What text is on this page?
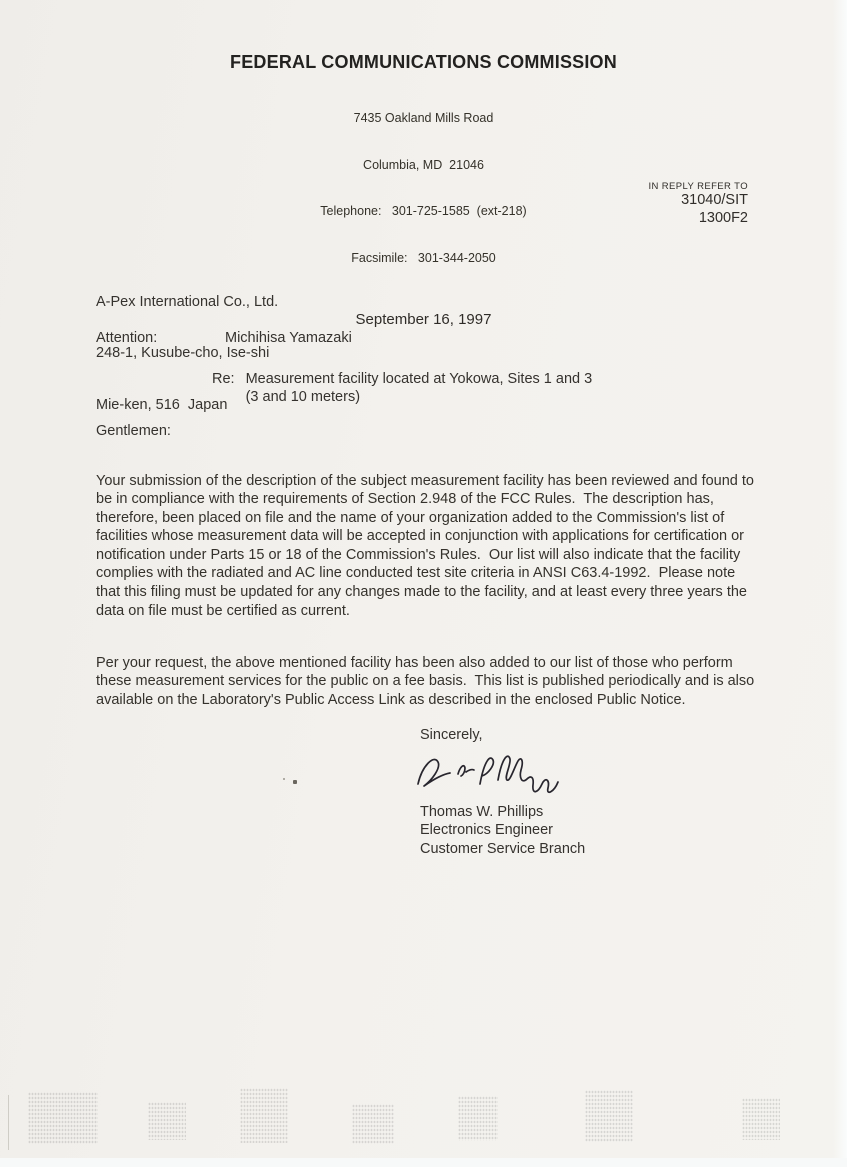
FEDERAL COMMUNICATIONS COMMISSION

7435 Oakland Mills Road

Columbia, MD  21046

Telephone:   301-725-1585  (ext-218)

Facsimile:   301-344-2050

September 16, 1997
IN REPLY REFER TO
31040/SIT
1300F2

A-Pex International Co., Ltd.

248-1, Kusube-cho, Ise-shi

Mie-ken, 516  Japan

Attention:	Michihisa Yamazaki
Re: Measurement facility located at Yokowa, Sites 1 and 3
(3 and 10 meters)
Gentlemen:

Your submission of the description of the subject measurement facility has been reviewed and found to be in compliance with the requirements of Section 2.948 of the FCC Rules.  The description has, therefore, been placed on file and the name of your organization added to the Commission's list of facilities whose measurement data will be accepted in conjunction with applications for certification or notification under Parts 15 or 18 of the Commission's Rules.  Our list will also indicate that the facility complies with the radiated and AC line conducted test site criteria in ANSI C63.4-1992.  Please note that this filing must be updated for any changes made to the facility, and at least every three years the data on file must be certified as current.

Per your request, the above mentioned facility has been also added to our list of those who perform these measurement services for the public on a fee basis.  This list is published periodically and is also available on the Laboratory's Public Access Link as described in the enclosed Public Notice.

Sincerely,
Thomas W. Phillips
Electronics Engineer
Customer Service Branch
